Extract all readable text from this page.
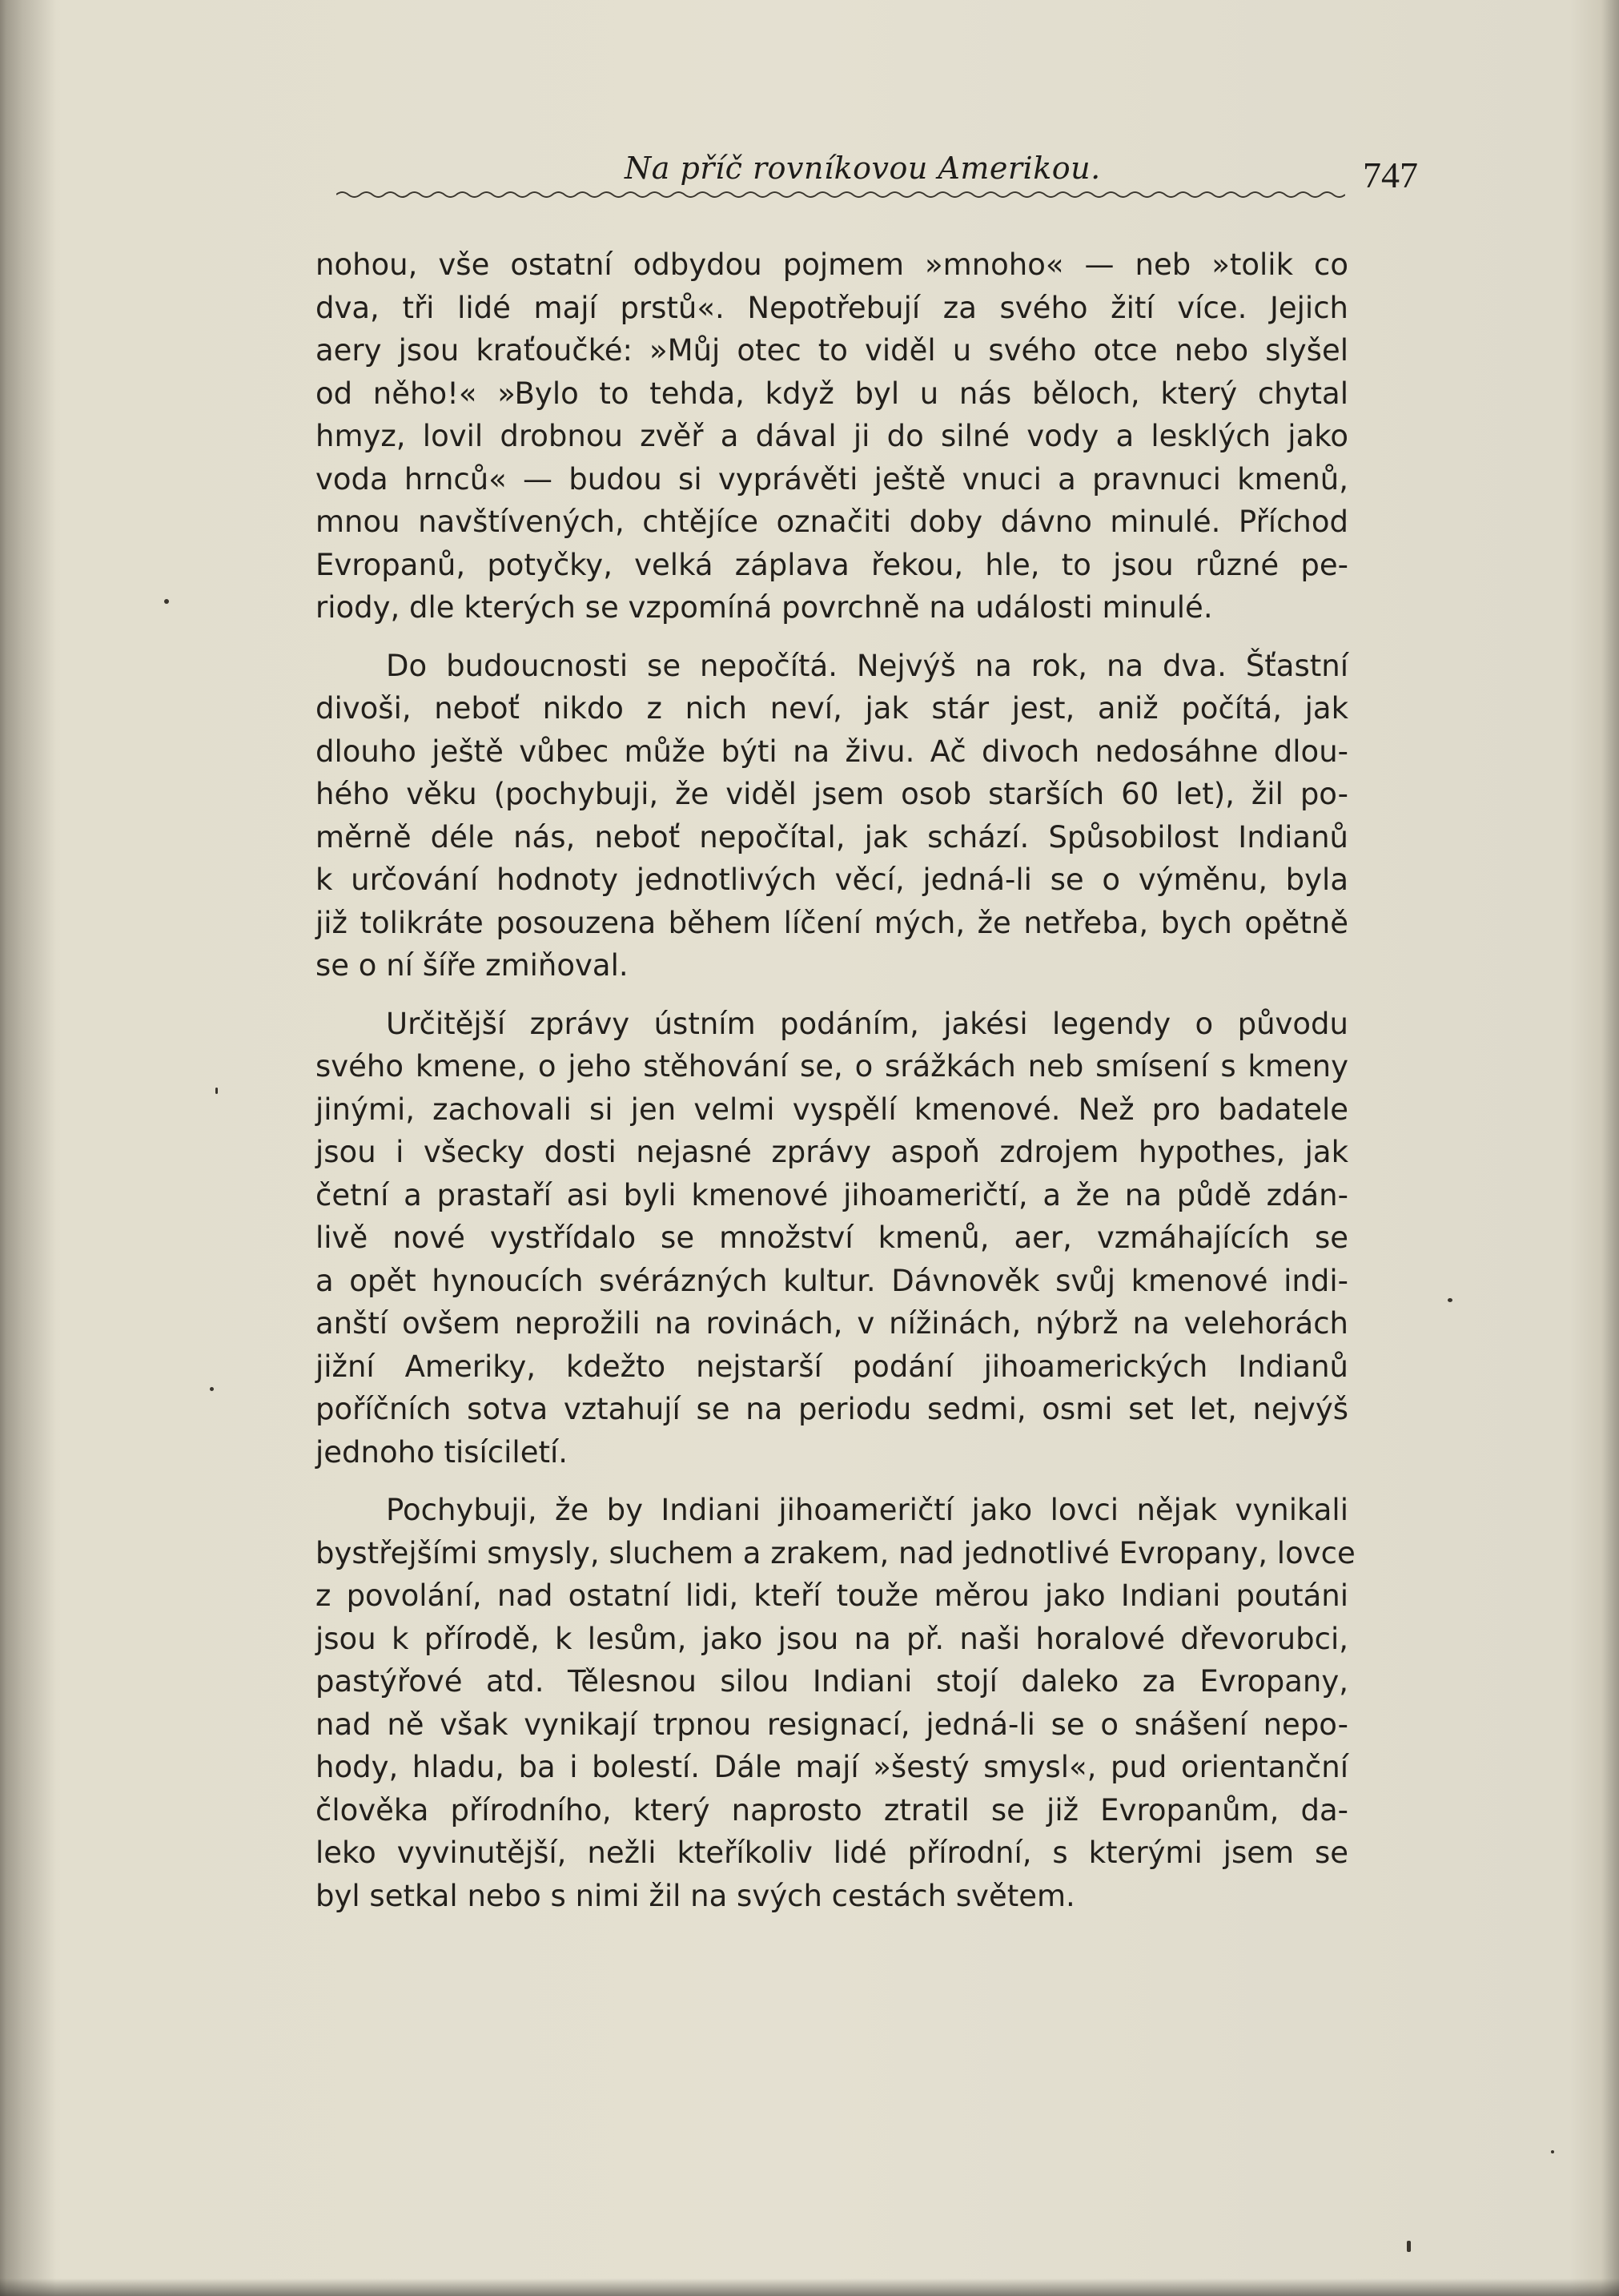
Na příč rovníkovou Amerikou.	747

nohou, vše ostatní odbydou pojmem »mnoho« — neb »tolik co
dva, tři lidé mají prstů«. Nepotřebují za svého žití více. Jejich
aery jsou kraťoučké: »Můj otec to viděl u svého otce nebo slyšel
od něho!« »Bylo to tehda, když byl u nás běloch, který chytal
hmyz, lovil drobnou zvěř a dával ji do silné vody a lesklých jako
voda hrnců« — budou si vyprávěti ještě vnuci a pravnuci kmenů,
mnou navštívených, chtějíce označiti doby dávno minulé. Příchod
Evropanů, potyčky, velká záplava řekou, hle, to jsou různé pe-
riody, dle kterých se vzpomíná povrchně na události minulé.

Do budoucnosti se nepočítá. Nejvýš na rok, na dva. Šťastní
divoši, neboť nikdo z nich neví, jak stár jest, aniž počítá, jak
dlouho ještě vůbec může býti na živu. Ač divoch nedosáhne dlou-
hého věku (pochybuji, že viděl jsem osob starších 60 let), žil po-
měrně déle nás, neboť nepočítal, jak schází. Spůsobilost Indianů
k určování hodnoty jednotlivých věcí, jedná-li se o výměnu, byla
již tolikráte posouzena během líčení mých, že netřeba, bych opětně
se o ní šíře zmiňoval.

Určitější zprávy ústním podáním, jakési legendy o původu
svého kmene, o jeho stěhování se, o srážkách neb smísení s kmeny
jinými, zachovali si jen velmi vyspělí kmenové. Než pro badatele
jsou i všecky dosti nejasné zprávy aspoň zdrojem hypothes, jak
četní a prastaří asi byli kmenové jihoameričtí, a že na půdě zdán-
livě nové vystřídalo se množství kmenů, aer, vzmáhajících se
a opět hynoucích svérázných kultur. Dávnověk svůj kmenové indi-
anští ovšem neprožili na rovinách, v nížinách, nýbrž na velehorách
jižní Ameriky, kdežto nejstarší podání jihoamerických Indianů
poříčních sotva vztahují se na periodu sedmi, osmi set let, nejvýš
jednoho tisíciletí.

Pochybuji, že by Indiani jihoameričtí jako lovci nějak vynikali
bystřejšími smysly, sluchem a zrakem, nad jednotlivé Evropany, lovce
z povolání, nad ostatní lidi, kteří touže měrou jako Indiani poutáni
jsou k přírodě, k lesům, jako jsou na př. naši horalové dřevorubci,
pastýřové atd. Tělesnou silou Indiani stojí daleko za Evropany,
nad ně však vynikají trpnou resignací, jedná-li se o snášení nepo-
hody, hladu, ba i bolestí. Dále mají »šestý smysl«, pud orientanční
člověka přírodního, který naprosto ztratil se již Evropanům, da-
leko vyvinutější, nežli kteříkoliv lidé přírodní, s kterými jsem se
byl setkal nebo s nimi žil na svých cestách světem.
